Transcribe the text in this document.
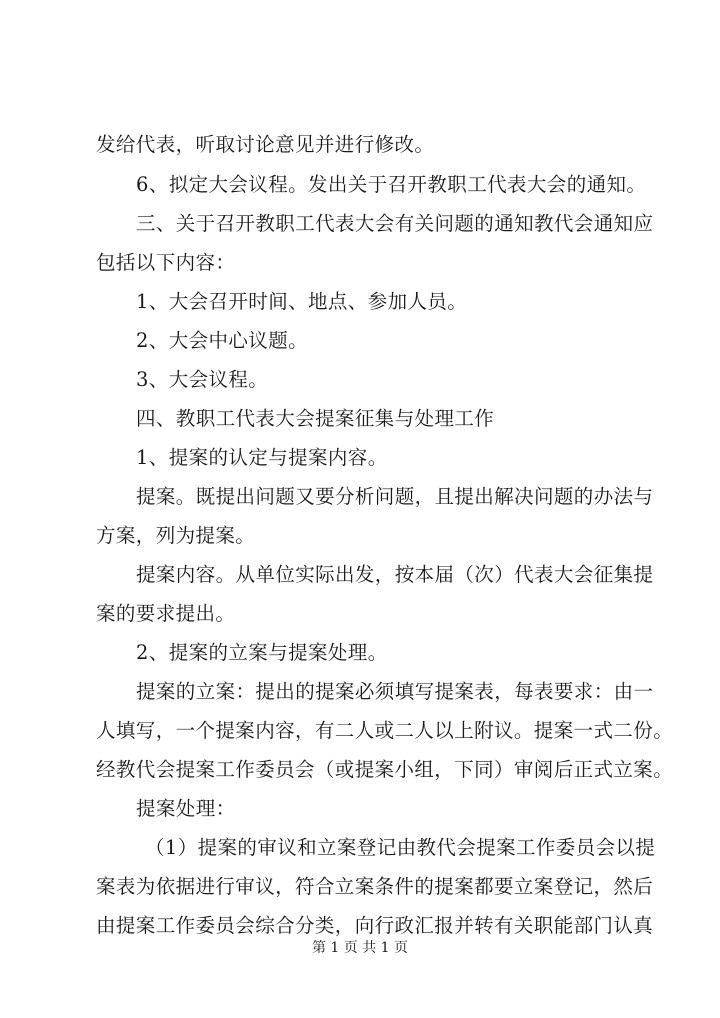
发给代表，听取讨论意见并进行修改。
6、拟定大会议程。发出关于召开教职工代表大会的通知。
三、关于召开教职工代表大会有关问题的通知教代会通知应
包括以下内容：
1、大会召开时间、地点、参加人员。
2、大会中心议题。
3、大会议程。
四、教职工代表大会提案征集与处理工作
1、提案的认定与提案内容。
提案。既提出问题又要分析问题，且提出解决问题的办法与
方案，列为提案。
提案内容。从单位实际出发，按本届（次）代表大会征集提
案的要求提出。
2、提案的立案与提案处理。
提案的立案：提出的提案必须填写提案表，每表要求：由一
人填写，一个提案内容，有二人或二人以上附议。提案一式二份。
经教代会提案工作委员会（或提案小组，下同）审阅后正式立案。
提案处理：
（1）提案的审议和立案登记由教代会提案工作委员会以提
案表为依据进行审议，符合立案条件的提案都要立案登记，然后
由提案工作委员会综合分类，向行政汇报并转有关职能部门认真
第 1 页 共 1 页
